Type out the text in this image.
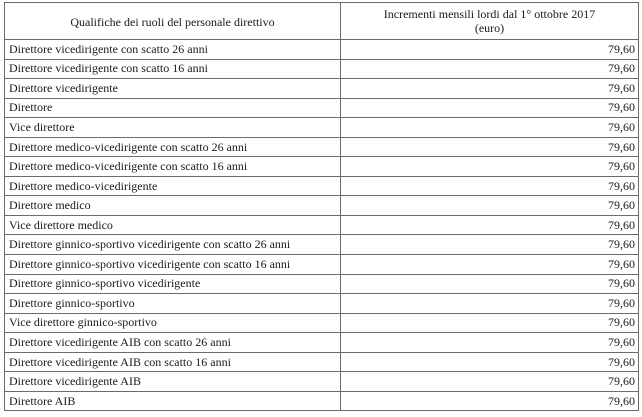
Qualifiche dei ruoli del personale direttivo	Incrementi mensili lordi dal 1° ottobre 2017
(euro)
Direttore vicedirigente con scatto 26 anni	79,60
Direttore vicedirigente con scatto 16 anni	79,60
Direttore vicedirigente	79,60
Direttore	79,60
Vice direttore	79,60
Direttore medico-vicedirigente con scatto 26 anni	79,60
Direttore medico-vicedirigente con scatto 16 anni	79,60
Direttore medico-vicedirigente	79,60
Direttore medico	79,60
Vice direttore medico	79,60
Direttore ginnico-sportivo vicedirigente con scatto 26 anni	79,60
Direttore ginnico-sportivo vicedirigente con scatto 16 anni	79,60
Direttore ginnico-sportivo vicedirigente	79,60
Direttore ginnico-sportivo	79,60
Vice direttore ginnico-sportivo	79,60
Direttore vicedirigente AIB con scatto 26 anni	79,60
Direttore vicedirigente AIB con scatto 16 anni	79,60
Direttore vicedirigente AIB	79,60
Direttore AIB	79,60
